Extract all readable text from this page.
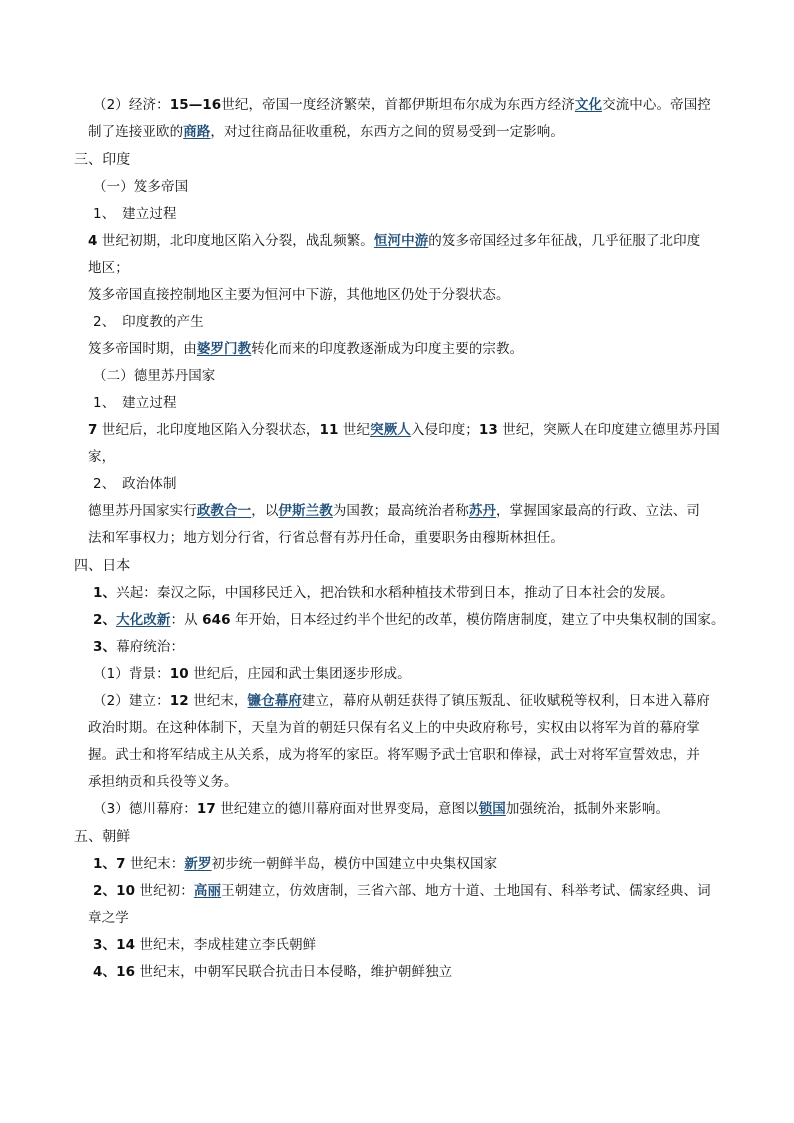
（2）经济：15—16世纪，帝国一度经济繁荣，首都伊斯坦布尔成为东西方经济文化交流中心。帝国控
制了连接亚欧的商路，对过往商品征收重税，东西方之间的贸易受到一定影响。
三、印度
（一）笈多帝国
1、　建立过程
4 世纪初期，北印度地区陷入分裂，战乱频繁。恒河中游的笈多帝国经过多年征战，几乎征服了北印度
地区；
笈多帝国直接控制地区主要为恒河中下游，其他地区仍处于分裂状态。
2、　印度教的产生
笈多帝国时期，由婆罗门教转化而来的印度教逐渐成为印度主要的宗教。
（二）德里苏丹国家
1、　建立过程
7 世纪后，北印度地区陷入分裂状态，11 世纪突厥人入侵印度；13 世纪，突厥人在印度建立德里苏丹国
家，
2、　政治体制
德里苏丹国家实行政教合一，以伊斯兰教为国教；最高统治者称苏丹，掌握国家最高的行政、立法、司
法和军事权力；地方划分行省，行省总督有苏丹任命，重要职务由穆斯林担任。
四、日本
1、兴起：秦汉之际，中国移民迁入，把冶铁和水稻种植技术带到日本，推动了日本社会的发展。
2、大化改新：从 646 年开始，日本经过约半个世纪的改革，模仿隋唐制度，建立了中央集权制的国家。
3、幕府统治：
（1）背景：10 世纪后，庄园和武士集团逐步形成。
（2）建立：12 世纪末，镰仓幕府建立，幕府从朝廷获得了镇压叛乱、征收赋税等权利，日本进入幕府
政治时期。在这种体制下，天皇为首的朝廷只保有名义上的中央政府称号，实权由以将军为首的幕府掌
握。武士和将军结成主从关系，成为将军的家臣。将军赐予武士官职和俸禄，武士对将军宣誓效忠，并
承担纳贡和兵役等义务。
（3）德川幕府：17 世纪建立的德川幕府面对世界变局，意图以锁国加强统治，抵制外来影响。
五、朝鲜
1、7 世纪末：新罗初步统一朝鲜半岛，模仿中国建立中央集权国家
2、10 世纪初：高丽王朝建立，仿效唐制，三省六部、地方十道、土地国有、科举考试、儒家经典、词
章之学
3、14 世纪末，李成桂建立李氏朝鲜
4、16 世纪末，中朝军民联合抗击日本侵略，维护朝鲜独立
